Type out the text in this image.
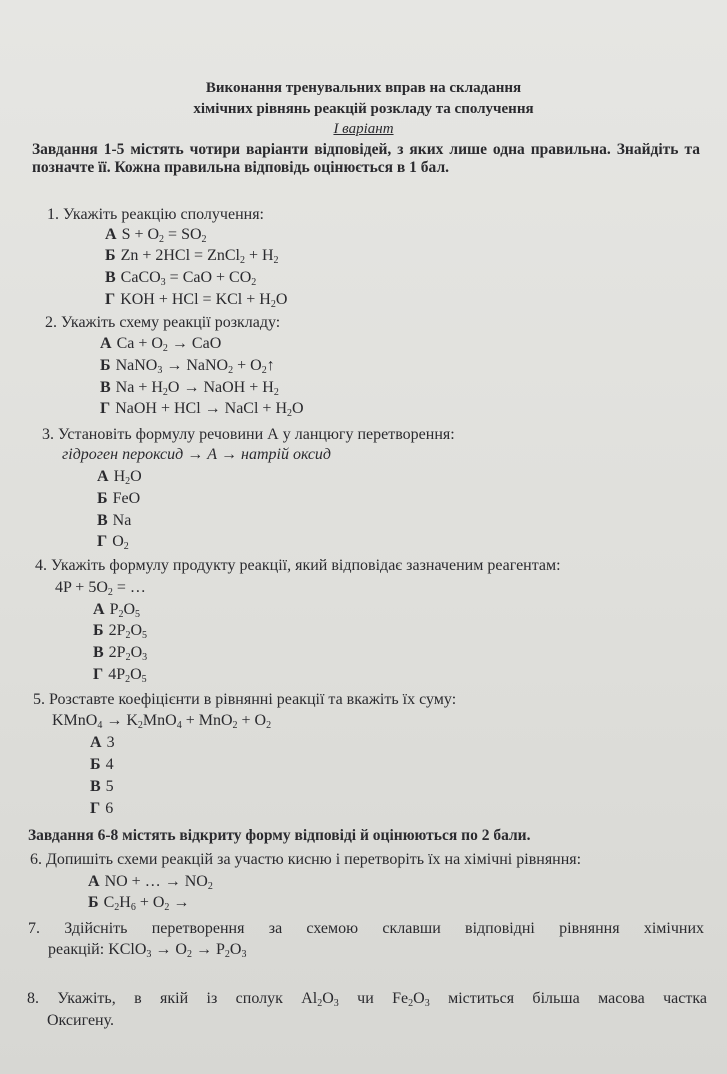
Виконання тренувальних вправ на складання
хімічних рівнянь реакцій розкладу та сполучення
I варіант
Завдання 1-5 містять чотири варіанти відповідей, з яких лише одна правильна. Знайдіть та позначте її. Кожна правильна відповідь оцінюється в 1 бал.
1. Укажіть реакцію сполучення:
А $S + O_2 = SO_2$
Б Zn + 2HCl = ZnCl$_2$ + $H_2$
В CaCO$_3$ = CaO + $CO_2$
Г KOH + HCl = KCl + $H_2O$
2. Укажіть схему реакції розкладу:
А $Ca + O_2$ → CaO
Б NaNO$_3$ → NaNO$_2$ + $O_2↑$
В $Na + H_2O$ → NaOH + $H_2$
Г NaOH + HCl → NaCl + $H_2O$
3. Установіть формулу речовини А у ланцюгу перетворення:
гідроген пероксид → А → натрій оксид
А $H_2O$
Б FeO
В Na
Г $O_2$
4. Укажіть формулу продукту реакції, який відповідає зазначеним реагентам:
$4P + 5O_2$ = …
А $P_2O_5$
Б $2P_2O_5$
В $2P_2O_3$
Г $4P_2O_5$
5. Розставте коефіцієнти в рівнянні реакції та вкажіть їх суму:
KMnO$_4$ → $K_2MnO_4 + MnO_2 + O_2$
А 3
Б 4
В 5
Г 6
Завдання 6-8 містять відкриту форму відповіді й оцінюються по 2 бали.
6. Допишіть схеми реакцій за участю кисню і перетворіть їх на хімічні рівняння:
А NO + … → $NO_2$
Б $C_2H_6 + O_2$ →
7. Здійсніть перетворення за схемою склавши відповідні рівняння хімічних
реакцій: KClO$_3$ → $O_2 \to P_2O_3$
8. Укажіть, в якій із сполук $Al_2O_3$ чи $Fe_2O_3$ міститься більша масова частка
Оксигену.
